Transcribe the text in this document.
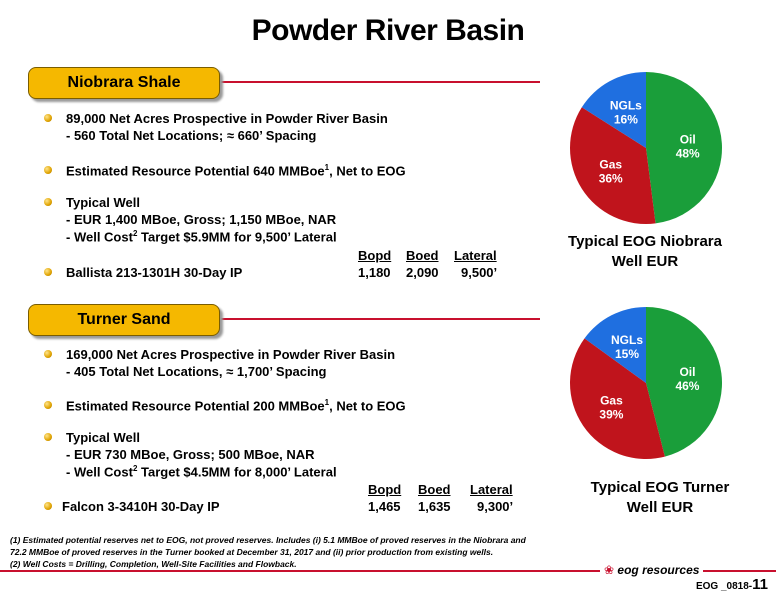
Powder River Basin
Niobrara Shale
89,000 Net Acres Prospective in Powder River Basin
- 560 Total Net Locations; ≈ 660’ Spacing
Estimated Resource Potential 640 MMBoe$^1$, Net to EOG
Typical Well
- EUR 1,400 MBoe, Gross; 1,150 MBoe, NAR
- Well Cost$^2$ Target $5.9MM for 9,500’ Lateral
Bopd Boed Lateral
Ballista 213-1301H 30-Day IP	1,180 2,090 9,500’
Oil
48%
Gas
36%
NGLs
16%
Typical EOG Niobrara
Well EUR
Turner Sand
169,000 Net Acres Prospective in Powder River Basin
- 405 Total Net Locations, ≈ 1,700’ Spacing
Estimated Resource Potential 200 MMBoe$^1$, Net to EOG
Typical Well
- EUR 730 MBoe, Gross; 500 MBoe, NAR
- Well Cost$^2$ Target $4.5MM for 8,000’ Lateral
Bopd Boed Lateral
Falcon 3-3410H 30-Day IP	1,465 1,635 9,300’
Oil
46%
Gas
39%
NGLs
15%
Typical EOG Turner
Well EUR
(1) Estimated potential reserves net to EOG, not proved reserves. Includes (i) 5.1 MMBoe of proved reserves in the Niobrara and
72.2 MMBoe of proved reserves in the Turner booked at December 31, 2017 and (ii) prior production from existing wells.
(2) Well Costs = Drilling, Completion, Well-Site Facilities and Flowback.	❀ eog resources
EOG _0818-11
